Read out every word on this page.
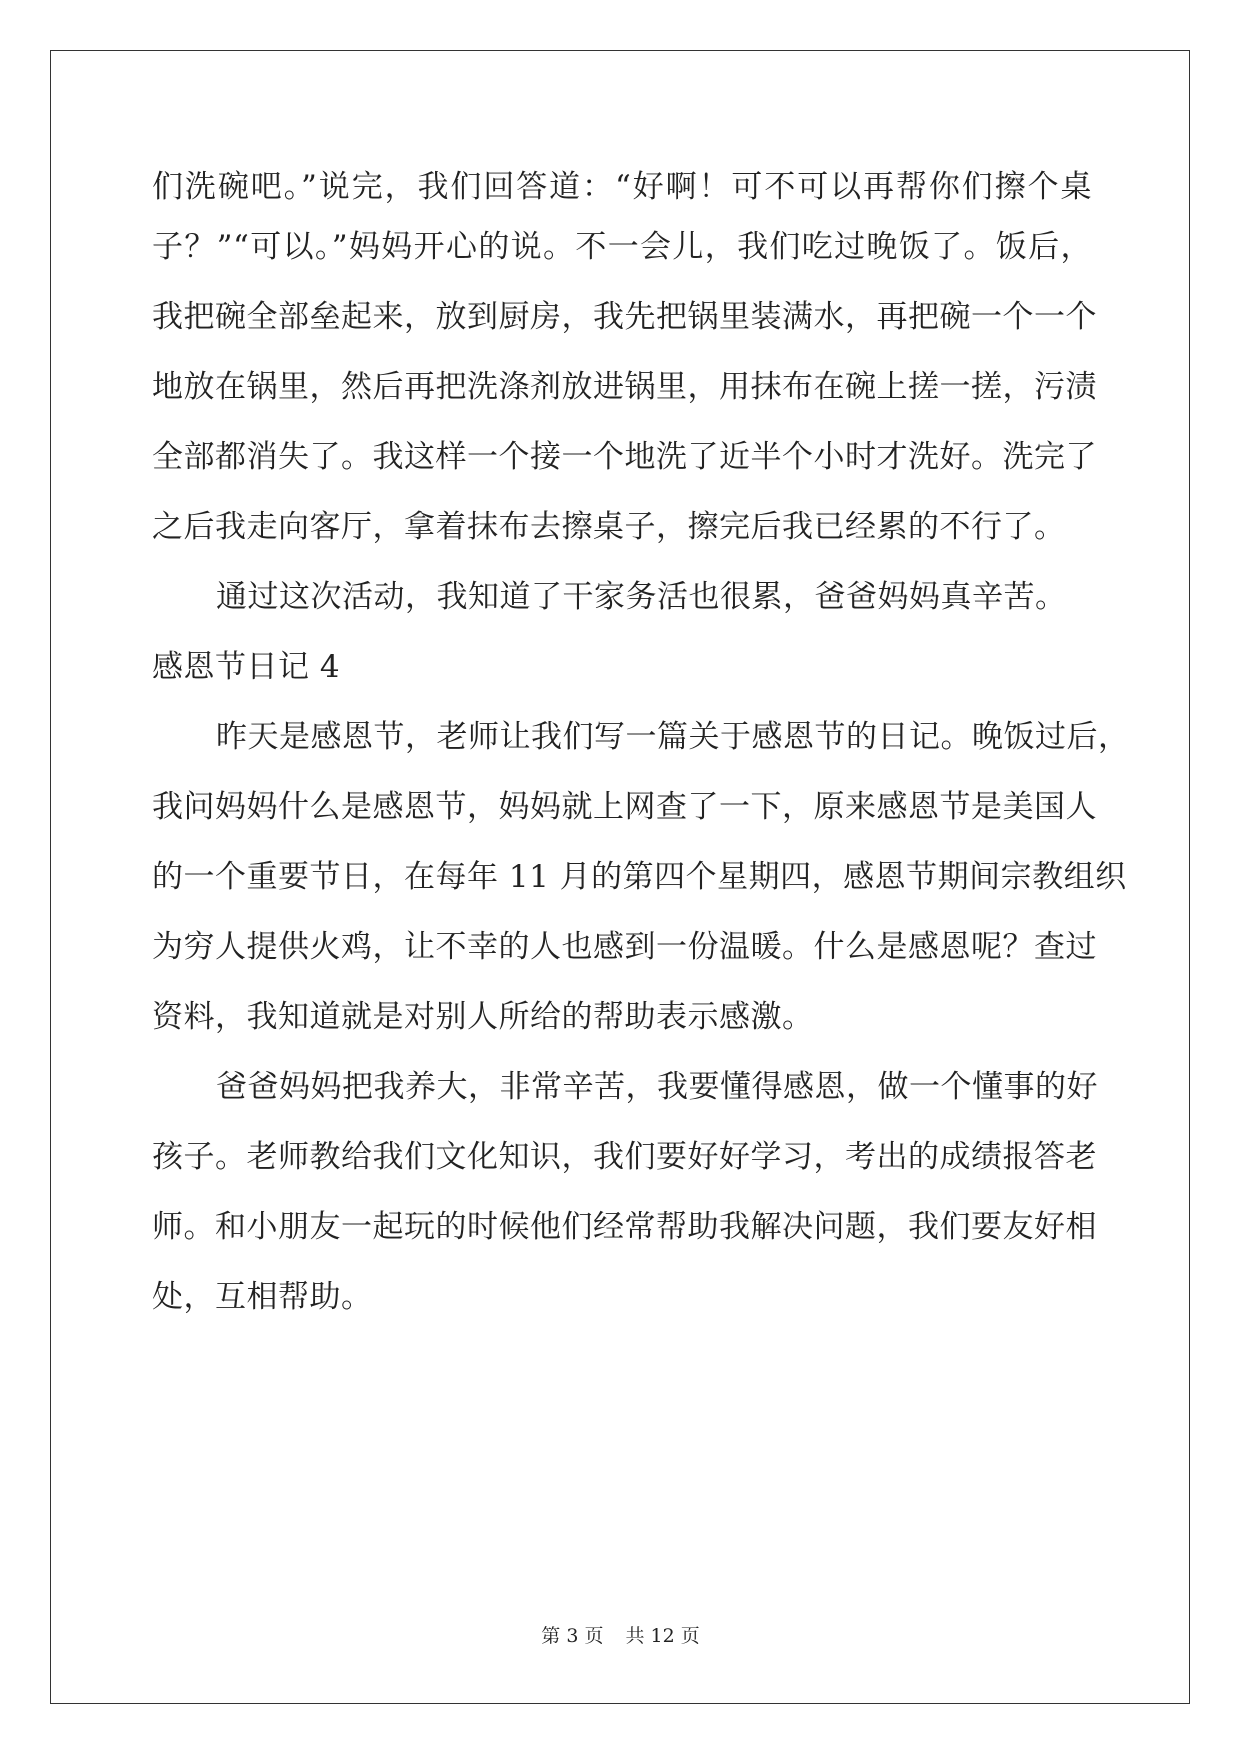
们洗碗吧。”说完，我们回答道：“好啊！可不可以再帮你们擦个桌
子？”“可以。”妈妈开心的说。不一会儿，我们吃过晚饭了。饭后，
我把碗全部垒起来，放到厨房，我先把锅里装满水，再把碗一个一个
地放在锅里，然后再把洗涤剂放进锅里，用抹布在碗上搓一搓，污渍
全部都消失了。我这样一个接一个地洗了近半个小时才洗好。洗完了
之后我走向客厅，拿着抹布去擦桌子，擦完后我已经累的不行了。
通过这次活动，我知道了干家务活也很累，爸爸妈妈真辛苦。
感恩节日记 4
昨天是感恩节，老师让我们写一篇关于感恩节的日记。晚饭过后，
我问妈妈什么是感恩节，妈妈就上网查了一下，原来感恩节是美国人
的一个重要节日，在每年 11 月的第四个星期四，感恩节期间宗教组织
为穷人提供火鸡，让不幸的人也感到一份温暖。什么是感恩呢？查过
资料，我知道就是对别人所给的帮助表示感激。
爸爸妈妈把我养大，非常辛苦，我要懂得感恩，做一个懂事的好
孩子。老师教给我们文化知识，我们要好好学习，考出的成绩报答老
师。和小朋友一起玩的时候他们经常帮助我解决问题，我们要友好相
处，互相帮助。
第 3 页 共 12 页
